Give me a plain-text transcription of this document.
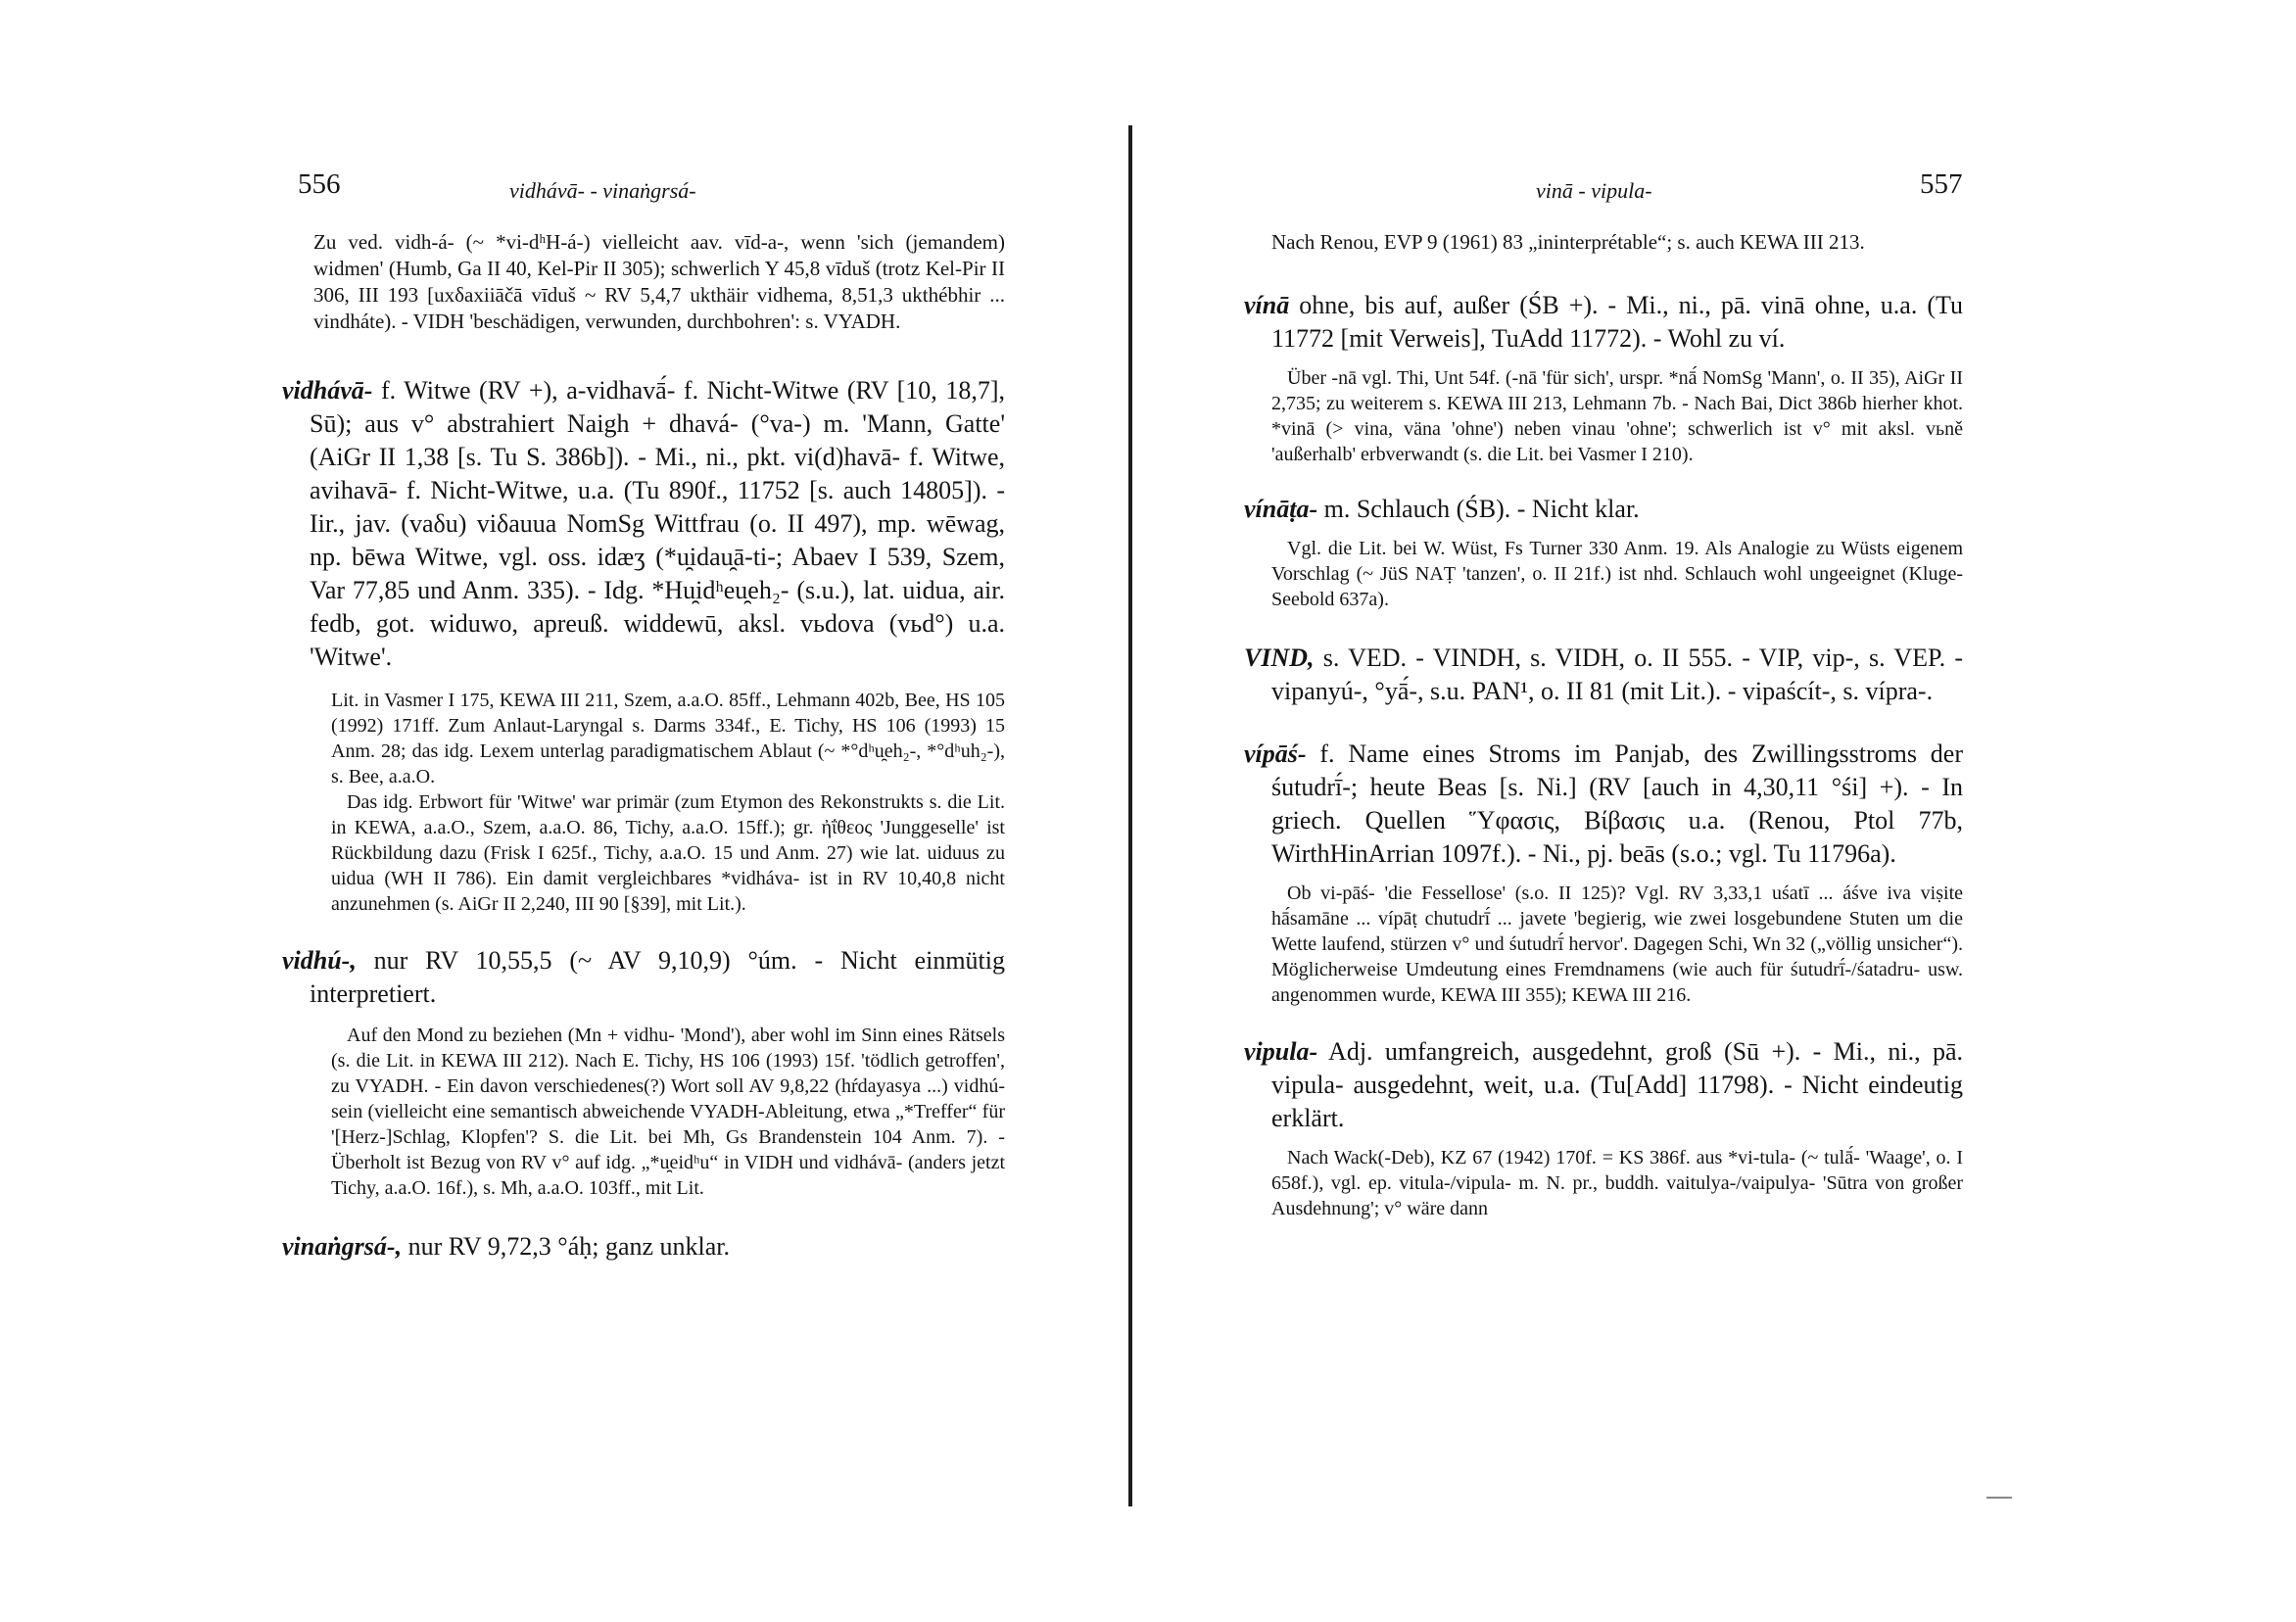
556	vidhávā- - vinaṅgrsá-

Zu ved. vidh-á- (~ *vi-dʰH-á-) vielleicht aav. vīd-a-, wenn 'sich (jemandem) widmen' (Humb, Ga II 40, Kel-Pir II 305); schwerlich Y 45,8 vīduš (trotz Kel-Pir II 306, III 193 [uxδaxiiāčā vīduš ~ RV 5,4,7 ukthäir vidhema, 8,51,3 ukthébhir ... vindháte). - VIDH 'beschädigen, verwunden, durchbohren': s. VYADH.

vidhávā- f. Witwe (RV +), a-vidhavā́- f. Nicht-Witwe (RV [10, 18,7], Sū); aus v° abstrahiert Naigh + dhavá- (°va-) m. 'Mann, Gatte' (AiGr II 1,38 [s. Tu S. 386b]). - Mi., ni., pkt. vi(d)havā- f. Witwe, avihavā- f. Nicht-Witwe, u.a. (Tu 890f., 11752 [s. auch 14805]). - Iir., jav. (vaδu) viδauua NomSg Wittfrau (o. II 497), mp. wēwag, np. bēwa Witwe, vgl. oss. idæʒ (*u̯idau̯ā-ti-; Abaev I 539, Szem, Var 77,85 und Anm. 335). - Idg. *Hu̯idʰeu̯eh₂- (s.u.), lat. uidua, air. fedb, got. widuwo, apreuß. widdewū, aksl. vьdova (vьd°) u.a. 'Witwe'.

Lit. in Vasmer I 175, KEWA III 211, Szem, a.a.O. 85ff., Lehmann 402b, Bee, HS 105 (1992) 171ff. Zum Anlaut-Laryngal s. Darms 334f., E. Tichy, HS 106 (1993) 15 Anm. 28; das idg. Lexem unterlag paradigmatischem Ablaut (~ *°dʰu̯eh₂-, *°dʰuh₂-), s. Bee, a.a.O.

Das idg. Erbwort für 'Witwe' war primär (zum Etymon des Rekonstrukts s. die Lit. in KEWA, a.a.O., Szem, a.a.O. 86, Tichy, a.a.O. 15ff.); gr. ἠΐθεος 'Junggeselle' ist Rückbildung dazu (Frisk I 625f., Tichy, a.a.O. 15 und Anm. 27) wie lat. uiduus zu uidua (WH II 786). Ein damit vergleichbares *vidháva- ist in RV 10,40,8 nicht anzunehmen (s. AiGr II 2,240, III 90 [§39], mit Lit.).

vidhú-, nur RV 10,55,5 (~ AV 9,10,9) °úm. - Nicht einmütig interpretiert.

Auf den Mond zu beziehen (Mn + vidhu- 'Mond'), aber wohl im Sinn eines Rätsels (s. die Lit. in KEWA III 212). Nach E. Tichy, HS 106 (1993) 15f. 'tödlich getroffen', zu VYADH. - Ein davon verschiedenes(?) Wort soll AV 9,8,22 (hŕdayasya ...) vidhú- sein (vielleicht eine semantisch abweichende VYADH-Ableitung, etwa „*Treffer“ für '[Herz-]Schlag, Klopfen'? S. die Lit. bei Mh, Gs Brandenstein 104 Anm. 7). - Überholt ist Bezug von RV v° auf idg. „*u̯eidʰu“ in VIDH und vidhávā- (anders jetzt Tichy, a.a.O. 16f.), s. Mh, a.a.O. 103ff., mit Lit.

vinaṅgrsá-, nur RV 9,72,3 °áḥ; ganz unklar.

vinā - vipula-	557

Nach Renou, EVP 9 (1961) 83 „ininterprétable“; s. auch KEWA III 213.

vínā ohne, bis auf, außer (ŚB +). - Mi., ni., pā. vinā ohne, u.a. (Tu 11772 [mit Verweis], TuAdd 11772). - Wohl zu ví.

Über -nā vgl. Thi, Unt 54f. (-nā 'für sich', urspr. *nā́ NomSg 'Mann', o. II 35), AiGr II 2,735; zu weiterem s. KEWA III 213, Lehmann 7b. - Nach Bai, Dict 386b hierher khot. *vinā (> vina, väna 'ohne') neben vinau 'ohne'; schwerlich ist v° mit aksl. vьně 'außerhalb' erbverwandt (s. die Lit. bei Vasmer I 210).

vínāṭa- m. Schlauch (ŚB). - Nicht klar.

Vgl. die Lit. bei W. Wüst, Fs Turner 330 Anm. 19. Als Analogie zu Wüsts eigenem Vorschlag (~ JüS NAṬ 'tanzen', o. II 21f.) ist nhd. Schlauch wohl ungeeignet (Kluge-Seebold 637a).

VIND, s. VED. - VINDH, s. VIDH, o. II 555. - VIP, vip-, s. VEP. - vipanyú-, °yā́-, s.u. PAN¹, o. II 81 (mit Lit.). - vipaścít-, s. vípra-.

vípāś- f. Name eines Stroms im Panjab, des Zwillingsstroms der śutudrī́-; heute Beas [s. Ni.] (RV [auch in 4,30,11 °śi] +). - In griech. Quellen Ὕφασις, Βίβασις u.a. (Renou, Ptol 77b, WirthHinArrian 1097f.). - Ni., pj. beās (s.o.; vgl. Tu 11796a).

Ob vi-pāś- 'die Fessellose' (s.o. II 125)? Vgl. RV 3,33,1 uśatī ... áśve iva viṣite hā́samāne ... vípāṭ chutudrī́ ... javete 'begierig, wie zwei losgebundene Stuten um die Wette laufend, stürzen v° und śutudrī́ hervor'. Dagegen Schi, Wn 32 („völlig unsicher“). Möglicherweise Umdeutung eines Fremdnamens (wie auch für śutudrī́-/śatadru- usw. angenommen wurde, KEWA III 355); KEWA III 216.

vipula- Adj. umfangreich, ausgedehnt, groß (Sū +). - Mi., ni., pā. vipula- ausgedehnt, weit, u.a. (Tu[Add] 11798). - Nicht eindeutig erklärt.

Nach Wack(-Deb), KZ 67 (1942) 170f. = KS 386f. aus *vi-tula- (~ tulā́- 'Waage', o. I 658f.), vgl. ep. vitula-/vipula- m. N. pr., buddh. vaitulya-/vaipulya- 'Sūtra von großer Ausdehnung'; v° wäre dann
